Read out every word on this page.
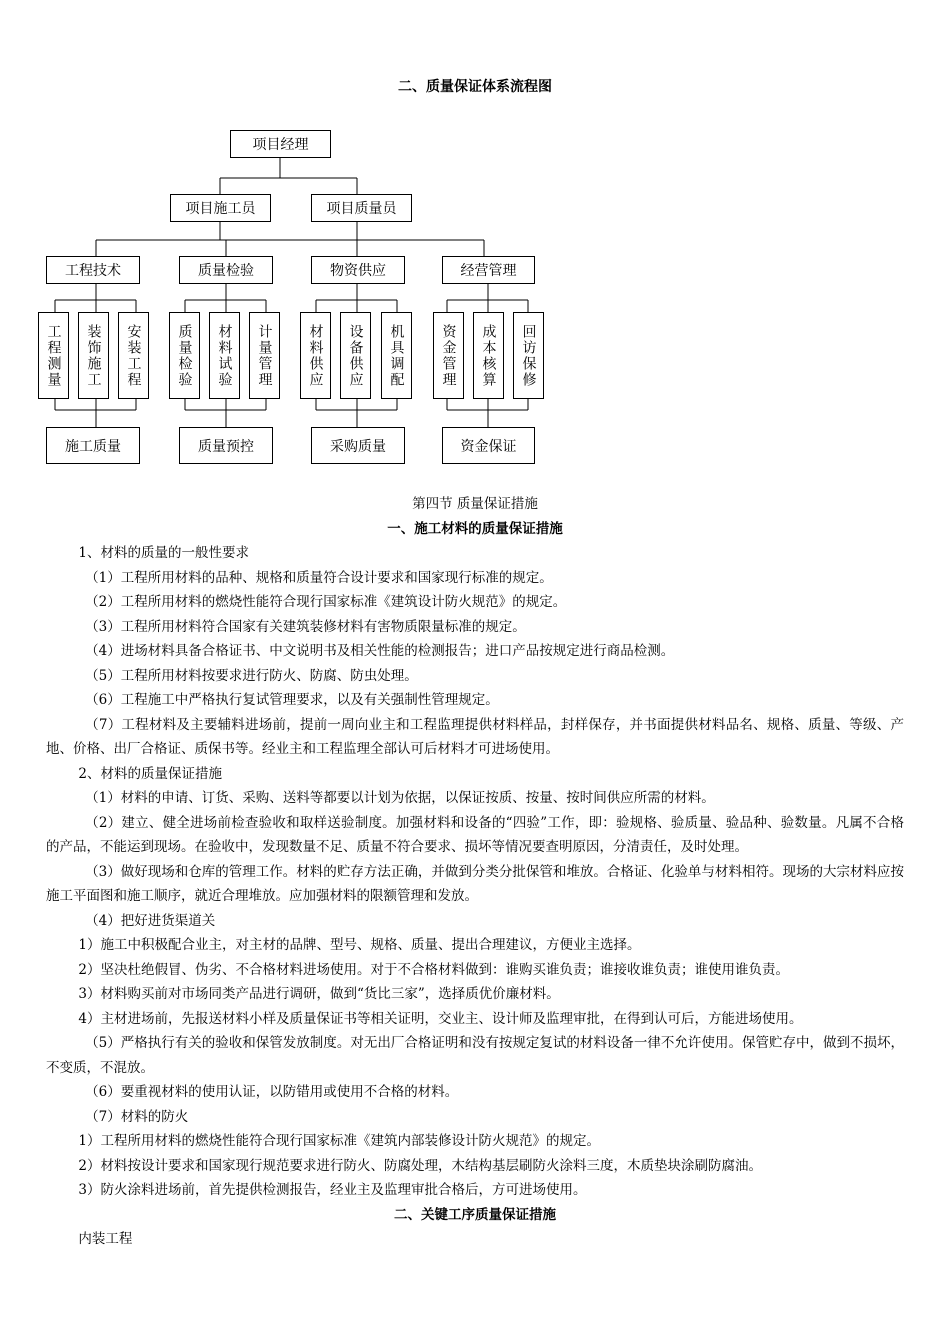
二、质量保证体系流程图
项目经理
项目施工员	项目质量员
工程技术	质量检验	物资供应	经营管理
工程测量	装饰施工	安装工程	质量检验	材料试验	计量管理	材料供应	设备供应	机具调配	资金管理	成本核算	回访保修
施工质量	质量预控	采购质量	资金保证
第四节 质量保证措施
一、施工材料的质量保证措施

1、材料的质量的一般性要求

（1）工程所用材料的品种、规格和质量符合设计要求和国家现行标准的规定。

（2）工程所用材料的燃烧性能符合现行国家标准《建筑设计防火规范》的规定。

（3）工程所用材料符合国家有关建筑装修材料有害物质限量标准的规定。

（4）进场材料具备合格证书、中文说明书及相关性能的检测报告；进口产品按规定进行商品检测。

（5）工程所用材料按要求进行防火、防腐、防虫处理。

（6）工程施工中严格执行复试管理要求，以及有关强制性管理规定。

（7）工程材料及主要辅料进场前，提前一周向业主和工程监理提供材料样品，封样保存，并书面提供材料品名、规格、质量、等级、产地、价格、出厂合格证、质保书等。经业主和工程监理全部认可后材料才可进场使用。

2、材料的质量保证措施

（1）材料的申请、订货、采购、送料等都要以计划为依据，以保证按质、按量、按时间供应所需的材料。

（2）建立、健全进场前检查验收和取样送验制度。加强材料和设备的“四验”工作，即：验规格、验质量、验品种、验数量。凡属不合格的产品，不能运到现场。在验收中，发现数量不足、质量不符合要求、损坏等情况要查明原因，分清责任，及时处理。

（3）做好现场和仓库的管理工作。材料的贮存方法正确，并做到分类分批保管和堆放。合格证、化验单与材料相符。现场的大宗材料应按施工平面图和施工顺序，就近合理堆放。应加强材料的限额管理和发放。

（4）把好进货渠道关

1）施工中积极配合业主，对主材的品牌、型号、规格、质量、提出合理建议，方便业主选择。

2）坚决杜绝假冒、伪劣、不合格材料进场使用。对于不合格材料做到：谁购买谁负责；谁接收谁负责；谁使用谁负责。

3）材料购买前对市场同类产品进行调研，做到“货比三家”，选择质优价廉材料。

4）主材进场前，先报送材料小样及质量保证书等相关证明，交业主、设计师及监理审批，在得到认可后，方能进场使用。

（5）严格执行有关的验收和保管发放制度。对无出厂合格证明和没有按规定复试的材料设备一律不允许使用。保管贮存中，做到不损坏，不变质，不混放。

（6）要重视材料的使用认证，以防错用或使用不合格的材料。

（7）材料的防火

1）工程所用材料的燃烧性能符合现行国家标准《建筑内部装修设计防火规范》的规定。

2）材料按设计要求和国家现行规范要求进行防火、防腐处理，木结构基层刷防火涂料三度，木质垫块涂刷防腐油。

3）防火涂料进场前，首先提供检测报告，经业主及监理审批合格后，方可进场使用。

二、关键工序质量保证措施

内装工程
